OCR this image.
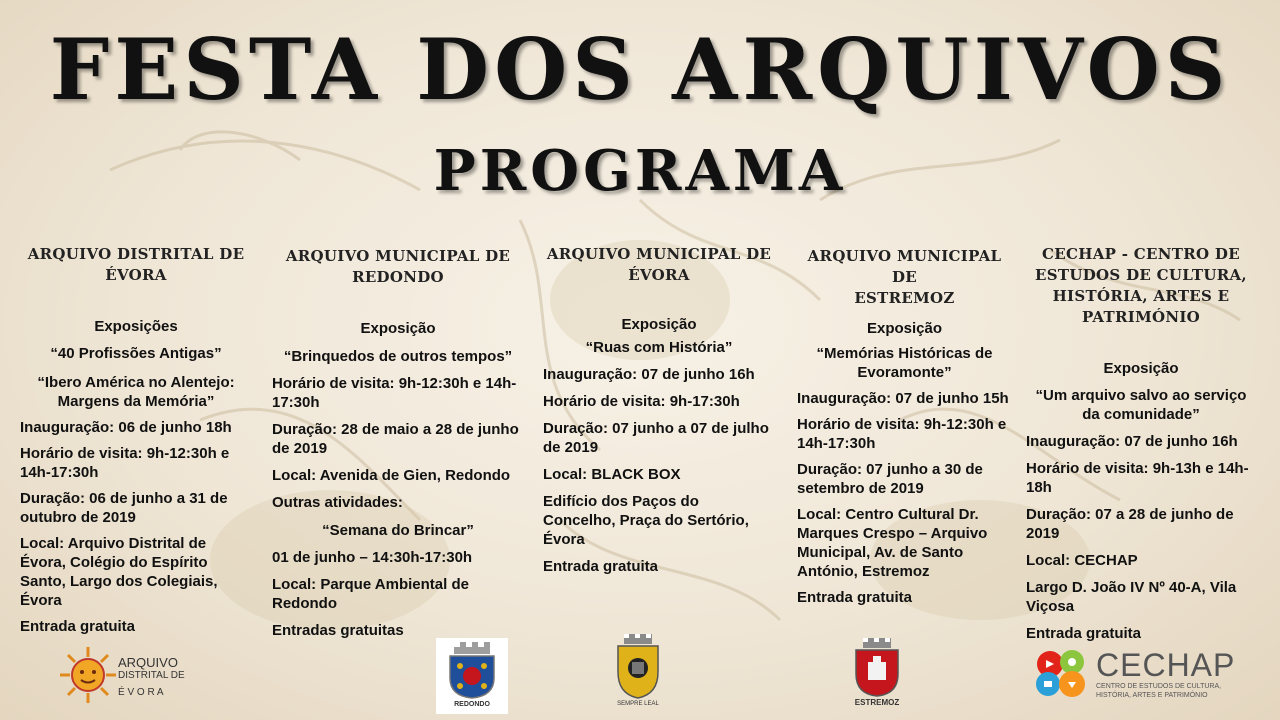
FESTA DOS ARQUIVOS
PROGRAMA
ARQUIVO DISTRITAL DE
ÉVORA

Exposições

“40 Profissões Antigas”

“Ibero América no Alentejo: Margens da Memória”

Inauguração: 06 de junho 18h

Horário de visita: 9h-12:30h e 14h-17:30h

Duração: 06 de junho a 31 de outubro de 2019

Local: Arquivo Distrital de Évora, Colégio do Espírito Santo, Largo dos Colegiais, Évora

Entrada gratuita

ARQUIVO MUNICIPAL DE
REDONDO

Exposição

“Brinquedos de outros tempos”

Horário de visita: 9h-12:30h e 14h-17:30h

Duração: 28 de maio a 28 de junho de 2019

Local: Avenida de Gien, Redondo

Outras atividades:

“Semana do Brincar”

01 de junho – 14:30h-17:30h

Local: Parque Ambiental de Redondo

Entradas gratuitas

ARQUIVO MUNICIPAL DE
ÉVORA

Exposição

“Ruas com História”

Inauguração: 07 de junho 16h

Horário de visita: 9h-17:30h

Duração: 07 junho a 07 de julho de 2019

Local: BLACK BOX

Edifício dos Paços do Concelho, Praça do Sertório, Évora

Entrada gratuita

ARQUIVO MUNICIPAL DE
ESTREMOZ

Exposição

“Memórias Históricas de Evoramonte”

Inauguração: 07 de junho 15h

Horário de visita: 9h-12:30h e 14h-17:30h

Duração: 07 junho a 30 de setembro de 2019

Local: Centro Cultural Dr. Marques Crespo – Arquivo Municipal, Av. de Santo António, Estremoz

Entrada gratuita

CECHAP - CENTRO DE
ESTUDOS DE CULTURA,
HISTÓRIA, ARTES E
PATRIMÓNIO

Exposição

“Um arquivo salvo ao serviço da comunidade”

Inauguração: 07 de junho 16h

Horário de visita: 9h-13h e 14h-18h

Duração: 07 a 28 de junho de 2019

Local: CECHAP

Largo D. João IV Nº 40-A, Vila Viçosa

Entrada gratuita

ARQUIVO
DISTRITAL DE
É V O R A
REDONDO	SEMPRE LEAL	ESTREMOZ
CECHAP
CENTRO DE ESTUDOS DE CULTURA,
HISTÓRIA, ARTES E PATRIMÓNIO
